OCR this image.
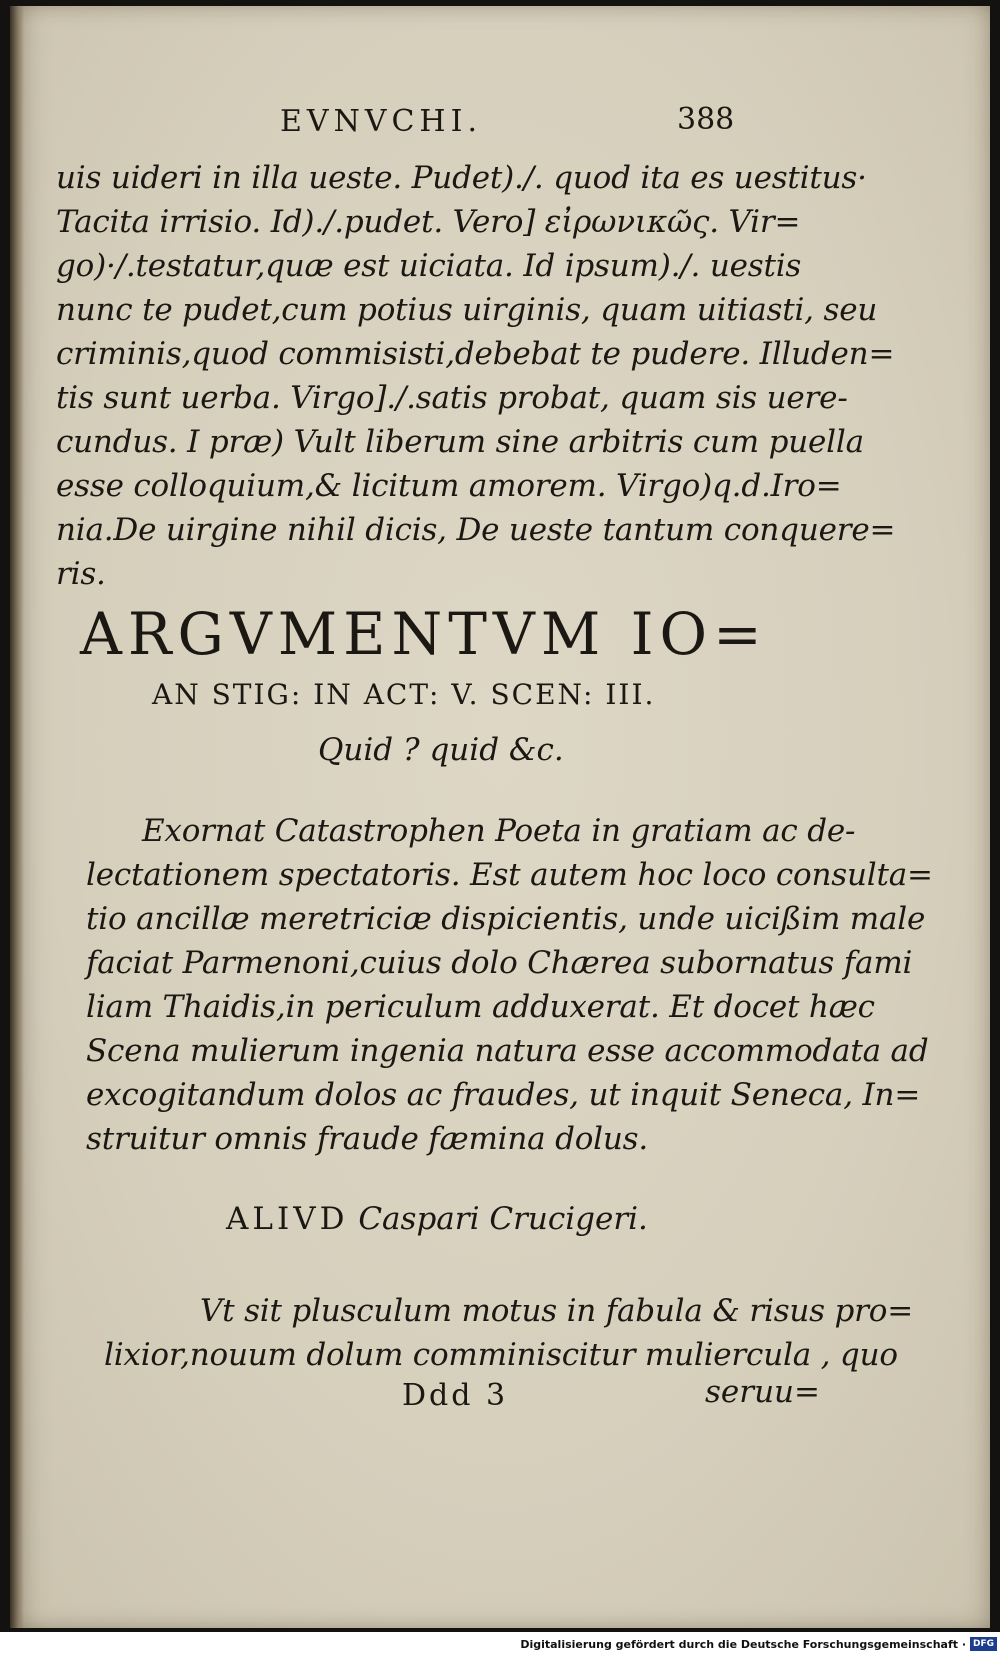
EVNVCHI.	388
uis uideri in illa ueste. Pudet)./. quod ita es uestitus·
Tacita irrisio. Id)./.pudet. Vero] εἰρωνικῶς. Vir=
go)·/.testatur,quæ est uiciata. Id ipsum)./. uestis
nunc te pudet,cum potius uirginis, quam uitiasti, seu
criminis,quod commisisti,debebat te pudere. Illuden=
tis sunt uerba. Virgo]./.satis probat, quam sis uere-
cundus. I præ) Vult liberum sine arbitris cum puella
esse colloquium,& licitum amorem. Virgo)q.d.Iro=
nia.De uirgine nihil dicis, De ueste tantum conquere=
ris.
ARGVMENTVM IO=
AN STIG: IN ACT: V. SCEN: III.
Quid ? quid &c.
Exornat Catastrophen Poeta in gratiam ac de-
lectationem spectatoris. Est autem hoc loco consulta=
tio ancillæ meretriciæ dispicientis, unde uicißim male
faciat Parmenoni,cuius dolo Chærea subornatus fami
liam Thaidis,in periculum adduxerat. Et docet hæc
Scena mulierum ingenia natura esse accommodata ad
excogitandum dolos ac fraudes, ut inquit Seneca, In=
struitur omnis fraude fæmina dolus.
ALIVD Caspari Crucigeri.
Vt sit plusculum motus in fabula & risus pro=
lixior,nouum dolum comminiscitur muliercula , quo
Ddd 3	seruu=
Digitalisierung gefördert durch die Deutsche Forschungsgemeinschaft · DFG
